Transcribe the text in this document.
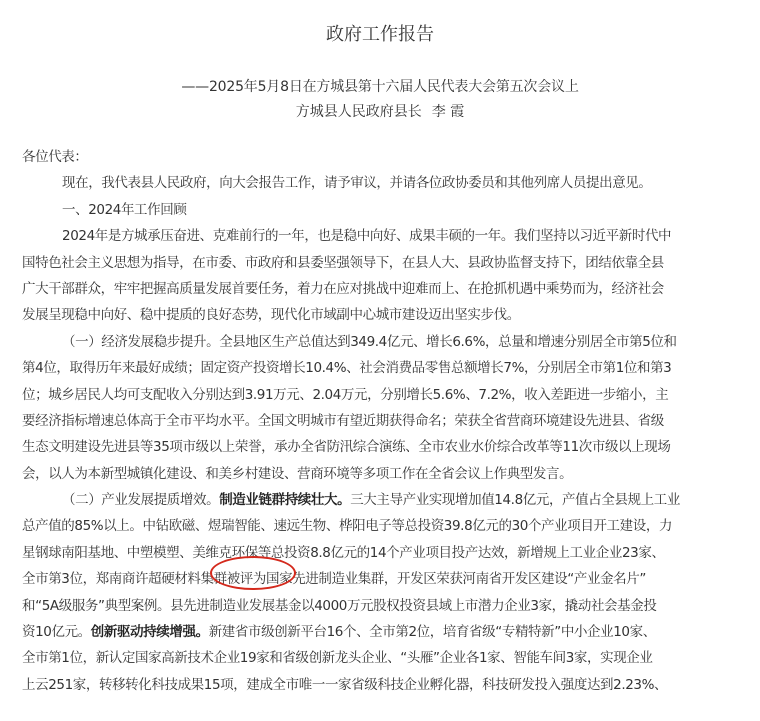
政府工作报告
——2025年5月8日在方城县第十六届人民代表大会第五次会议上
方城县人民政府县长 李 霞
各位代表：
现在，我代表县人民政府，向大会报告工作，请予审议，并请各位政协委员和其他列席人员提出意见。
一、2024年工作回顾
2024年是方城承压奋进、克难前行的一年，也是稳中向好、成果丰硕的一年。我们坚持以习近平新时代中
国特色社会主义思想为指导，在市委、市政府和县委坚强领导下，在县人大、县政协监督支持下，团结依靠全县
广大干部群众，牢牢把握高质量发展首要任务，着力在应对挑战中迎难而上、在抢抓机遇中乘势而为，经济社会
发展呈现稳中向好、稳中提质的良好态势，现代化市域副中心城市建设迈出坚实步伐。
（一）经济发展稳步提升。全县地区生产总值达到349.4亿元、增长6.6%，总量和增速分别居全市第5位和
第4位，取得历年来最好成绩；固定资产投资增长10.4%、社会消费品零售总额增长7%，分别居全市第1位和第3
位；城乡居民人均可支配收入分别达到3.91万元、2.04万元，分别增长5.6%、7.2%，收入差距进一步缩小，主
要经济指标增速总体高于全市平均水平。全国文明城市有望近期获得命名；荣获全省营商环境建设先进县、省级
生态文明建设先进县等35项市级以上荣誉，承办全省防汛综合演练、全市农业水价综合改革等11次市级以上现场
会，以人为本新型城镇化建设、和美乡村建设、营商环境等多项工作在全省会议上作典型发言。
（二）产业发展提质增效。制造业链群持续壮大。三大主导产业实现增加值14.8亿元，产值占全县规上工业
总产值的85%以上。中钻欧磁、煜瑞智能、速远生物、桦阳电子等总投资39.8亿元的30个产业项目开工建设，力
星钢球南阳基地、中塑模塑、美维克环保等总投资8.8亿元的14个产业项目投产达效，新增规上工业企业23家、
全市第3位，郑南商许超硬材料集群被评为国家先进制造业集群，开发区荣获河南省开发区建设“产业金名片”
和“5A级服务”典型案例。县先进制造业发展基金以4000万元股权投资县域上市潜力企业3家，撬动社会基金投
资10亿元。创新驱动持续增强。新建省市级创新平台16个、全市第2位，培育省级“专精特新”中小企业10家、
全市第1位，新认定国家高新技术企业19家和省级创新龙头企业、“头雁”企业各1家、智能车间3家，实现企业
上云251家，转移转化科技成果15项，建成全市唯一一家省级科技企业孵化器，科技研发投入强度达到2.23%、
